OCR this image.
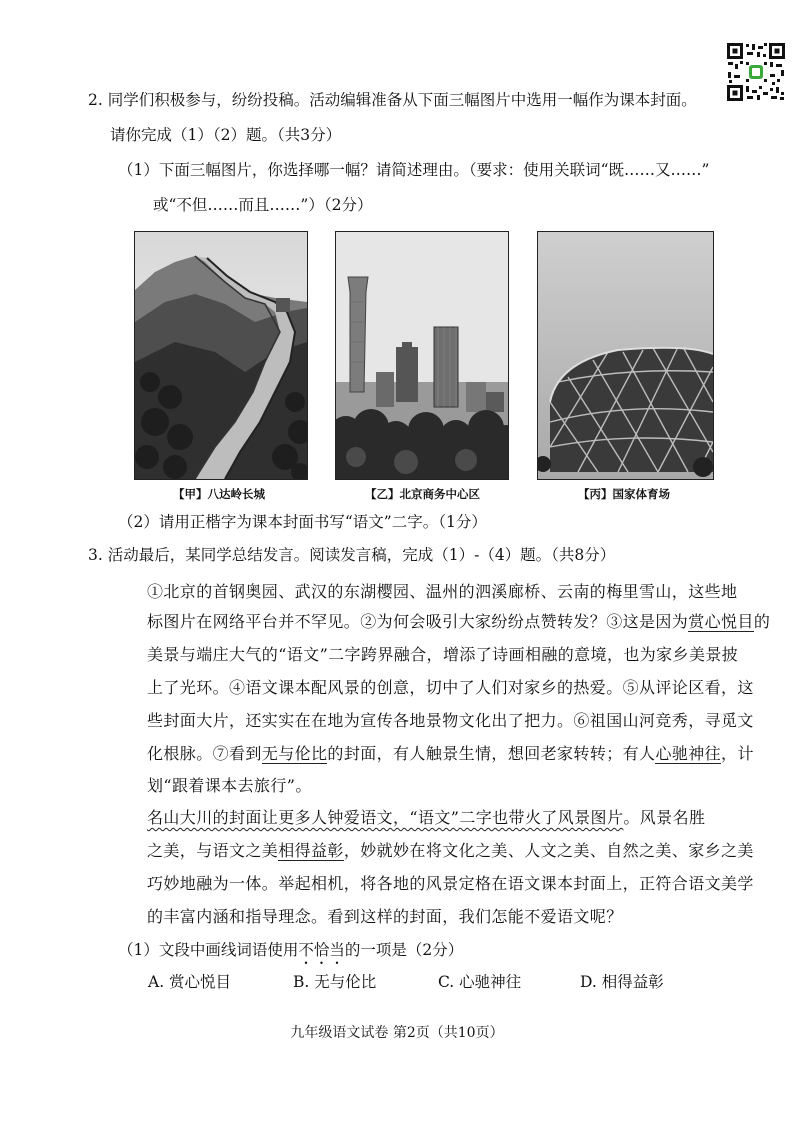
2. 同学们积极参与，纷纷投稿。活动编辑准备从下面三幅图片中选用一幅作为课本封面。
请你完成（1）（2）题。（共3分）
（1）下面三幅图片，你选择哪一幅？请简述理由。（要求：使用关联词“既……又……”
或“不但……而且……”）（2分）
【甲】八达岭长城	【乙】北京商务中心区	【丙】国家体育场
（2）请用正楷字为课本封面书写“语文”二字。（1分）
3. 活动最后，某同学总结发言。阅读发言稿，完成（1）-（4）题。（共8分）
①北京的首钢奥园、武汉的东湖樱园、温州的泗溪廊桥、云南的梅里雪山，这些地
标图片在网络平台并不罕见。②为何会吸引大家纷纷点赞转发？③这是因为赏心悦目的
美景与端庄大气的“语文”二字跨界融合，增添了诗画相融的意境，也为家乡美景披
上了光环。④语文课本配风景的创意，切中了人们对家乡的热爱。⑤从评论区看，这
些封面大片，还实实在在地为宣传各地景物文化出了把力。⑥祖国山河竞秀，寻觅文
化根脉。⑦看到无与伦比的封面，有人触景生情，想回老家转转；有人心驰神往，计
划“跟着课本去旅行”。
名山大川的封面让更多人钟爱语文，“语文”二字也带火了风景图片。风景名胜
之美，与语文之美相得益彰，妙就妙在将文化之美、人文之美、自然之美、家乡之美
巧妙地融为一体。举起相机，将各地的风景定格在语文课本封面上，正符合语文美学
的丰富内涵和指导理念。看到这样的封面，我们怎能不爱语文呢？
（1）文段中画线词语使用不恰当的一项是（2分）
A. 赏心悦目	B. 无与伦比	C. 心驰神往	D. 相得益彰
九年级语文试卷 第2页（共10页）
